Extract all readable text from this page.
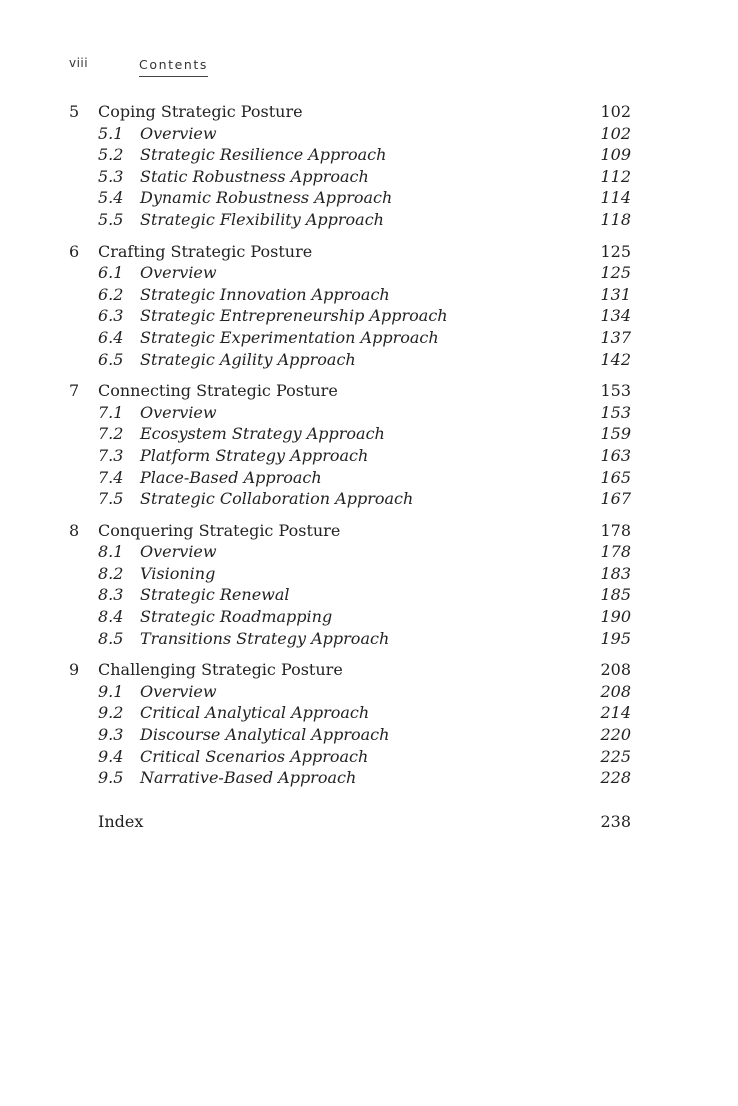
viii	Contents
5 Coping Strategic Posture	102
5.1 Overview	102
5.2 Strategic Resilience Approach	109
5.3 Static Robustness Approach	112
5.4 Dynamic Robustness Approach	114
5.5 Strategic Flexibility Approach	118
6 Crafting Strategic Posture	125
6.1 Overview	125
6.2 Strategic Innovation Approach	131
6.3 Strategic Entrepreneurship Approach	134
6.4 Strategic Experimentation Approach	137
6.5 Strategic Agility Approach	142
7 Connecting Strategic Posture	153
7.1 Overview	153
7.2 Ecosystem Strategy Approach	159
7.3 Platform Strategy Approach	163
7.4 Place-Based Approach	165
7.5 Strategic Collaboration Approach	167
8 Conquering Strategic Posture	178
8.1 Overview	178
8.2 Visioning	183
8.3 Strategic Renewal	185
8.4 Strategic Roadmapping	190
8.5 Transitions Strategy Approach	195
9 Challenging Strategic Posture	208
9.1 Overview	208
9.2 Critical Analytical Approach	214
9.3 Discourse Analytical Approach	220
9.4 Critical Scenarios Approach	225
9.5 Narrative-Based Approach	228
Index	238
